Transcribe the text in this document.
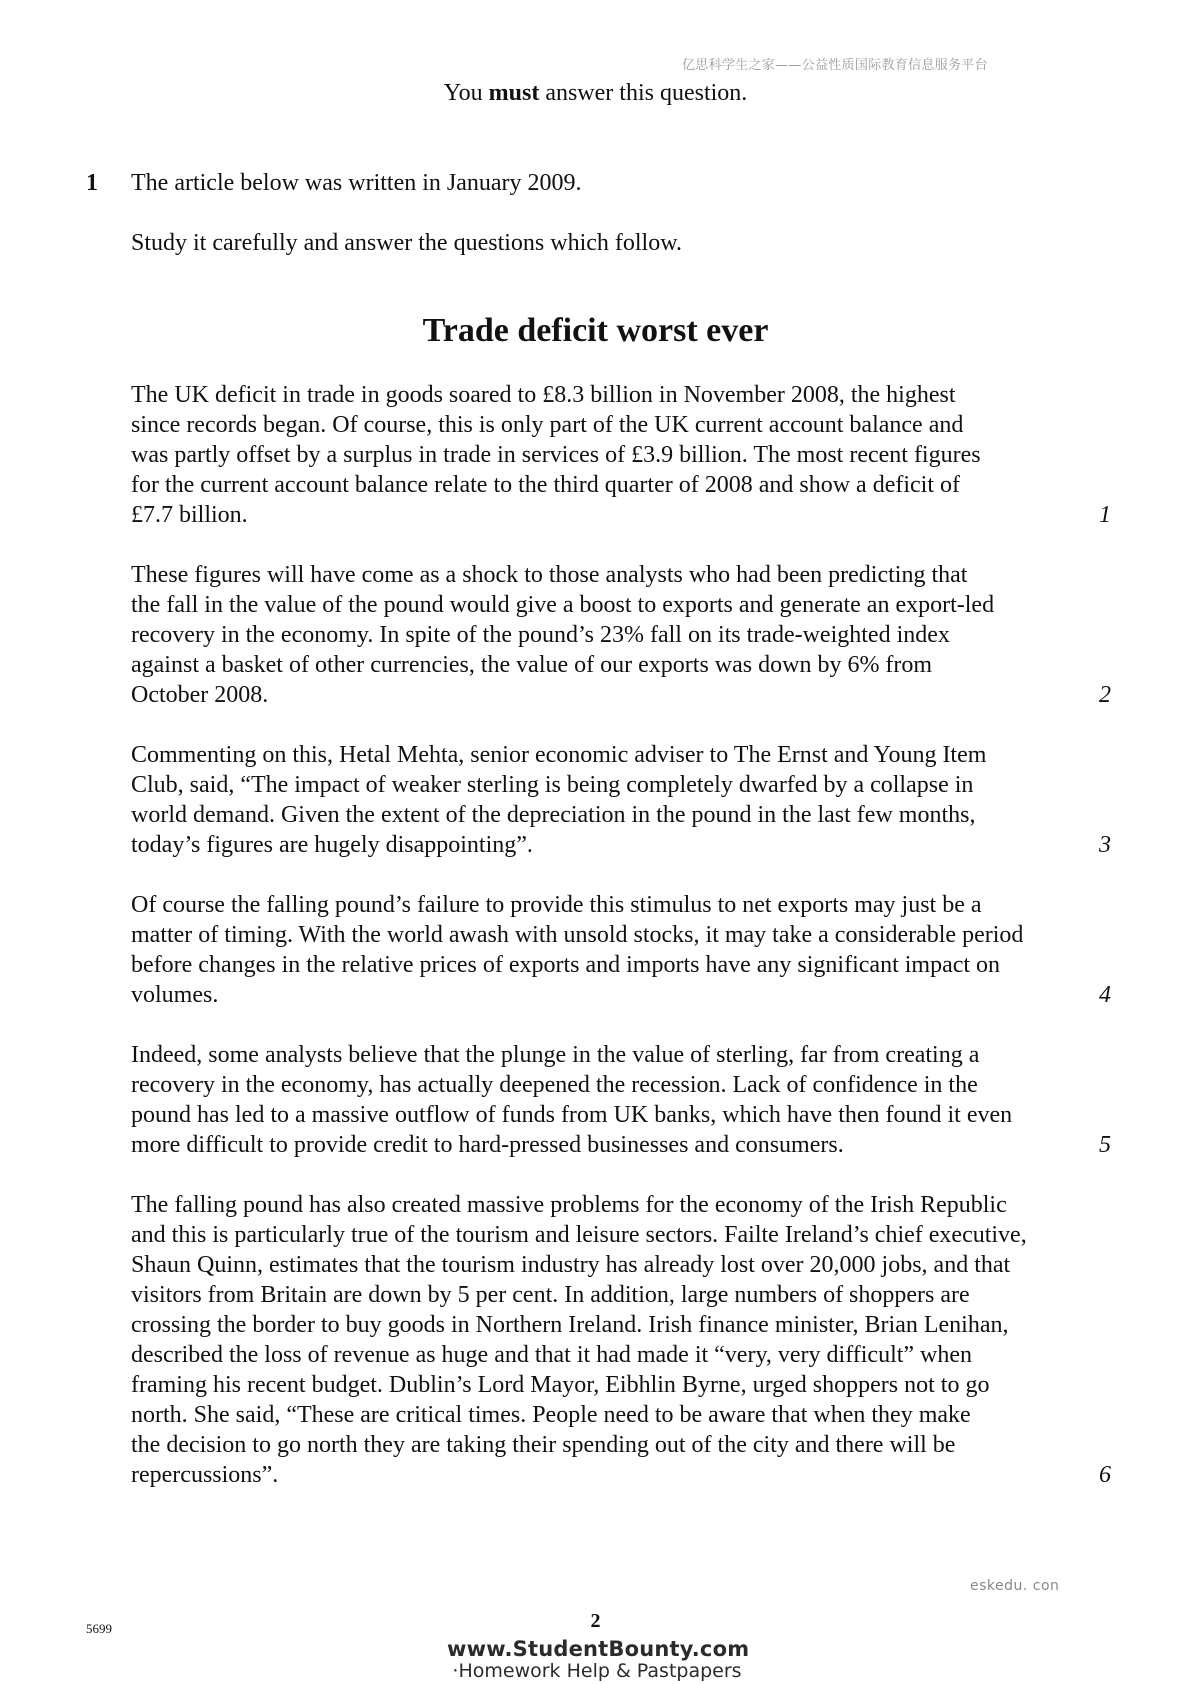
亿思科学生之家——公益性质国际教育信息服务平台
You must answer this question.
1 The article below was written in January 2009.
Study it carefully and answer the questions which follow.
Trade deficit worst ever
The UK deficit in trade in goods soared to £8.3 billion in November 2008, the highest
since records began. Of course, this is only part of the UK current account balance and
was partly offset by a surplus in trade in services of £3.9 billion. The most recent figures
for the current account balance relate to the third quarter of 2008 and show a deficit of
£7.7 billion.	1
These figures will have come as a shock to those analysts who had been predicting that
the fall in the value of the pound would give a boost to exports and generate an export-led
recovery in the economy. In spite of the pound’s 23% fall on its trade-weighted index
against a basket of other currencies, the value of our exports was down by 6% from
October 2008.	2
Commenting on this, Hetal Mehta, senior economic adviser to The Ernst and Young Item
Club, said, “The impact of weaker sterling is being completely dwarfed by a collapse in
world demand. Given the extent of the depreciation in the pound in the last few months,
today’s figures are hugely disappointing”.	3
Of course the falling pound’s failure to provide this stimulus to net exports may just be a
matter of timing. With the world awash with unsold stocks, it may take a considerable period
before changes in the relative prices of exports and imports have any significant impact on
volumes.	4
Indeed, some analysts believe that the plunge in the value of sterling, far from creating a
recovery in the economy, has actually deepened the recession. Lack of confidence in the
pound has led to a massive outflow of funds from UK banks, which have then found it even
more difficult to provide credit to hard-pressed businesses and consumers.	5
The falling pound has also created massive problems for the economy of the Irish Republic
and this is particularly true of the tourism and leisure sectors. Failte Ireland’s chief executive,
Shaun Quinn, estimates that the tourism industry has already lost over 20,000 jobs, and that
visitors from Britain are down by 5 per cent. In addition, large numbers of shoppers are
crossing the border to buy goods in Northern Ireland. Irish finance minister, Brian Lenihan,
described the loss of revenue as huge and that it had made it “very, very difficult” when
framing his recent budget. Dublin’s Lord Mayor, Eibhlin Byrne, urged shoppers not to go
north. She said, “These are critical times. People need to be aware that when they make
the decision to go north they are taking their spending out of the city and there will be
repercussions”.	6
eskedu. con
5699	2
www.StudentBounty.com
·Homework Help & Pastpapers
